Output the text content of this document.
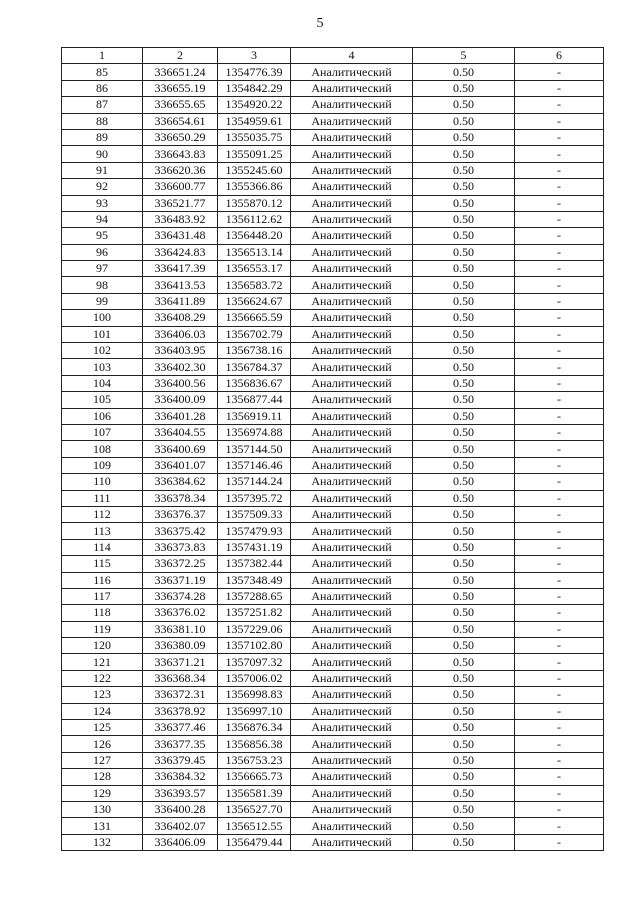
5
1	2	3	4	5	6
85	336651.24	1354776.39	Аналитический	0.50	-
86	336655.19	1354842.29	Аналитический	0.50	-
87	336655.65	1354920.22	Аналитический	0.50	-
88	336654.61	1354959.61	Аналитический	0.50	-
89	336650.29	1355035.75	Аналитический	0.50	-
90	336643.83	1355091.25	Аналитический	0.50	-
91	336620.36	1355245.60	Аналитический	0.50	-
92	336600.77	1355366.86	Аналитический	0.50	-
93	336521.77	1355870.12	Аналитический	0.50	-
94	336483.92	1356112.62	Аналитический	0.50	-
95	336431.48	1356448.20	Аналитический	0.50	-
96	336424.83	1356513.14	Аналитический	0.50	-
97	336417.39	1356553.17	Аналитический	0.50	-
98	336413.53	1356583.72	Аналитический	0.50	-
99	336411.89	1356624.67	Аналитический	0.50	-
100	336408.29	1356665.59	Аналитический	0.50	-
101	336406.03	1356702.79	Аналитический	0.50	-
102	336403.95	1356738.16	Аналитический	0.50	-
103	336402.30	1356784.37	Аналитический	0.50	-
104	336400.56	1356836.67	Аналитический	0.50	-
105	336400.09	1356877.44	Аналитический	0.50	-
106	336401.28	1356919.11	Аналитический	0.50	-
107	336404.55	1356974.88	Аналитический	0.50	-
108	336400.69	1357144.50	Аналитический	0.50	-
109	336401.07	1357146.46	Аналитический	0.50	-
110	336384.62	1357144.24	Аналитический	0.50	-
111	336378.34	1357395.72	Аналитический	0.50	-
112	336376.37	1357509.33	Аналитический	0.50	-
113	336375.42	1357479.93	Аналитический	0.50	-
114	336373.83	1357431.19	Аналитический	0.50	-
115	336372.25	1357382.44	Аналитический	0.50	-
116	336371.19	1357348.49	Аналитический	0.50	-
117	336374.28	1357288.65	Аналитический	0.50	-
118	336376.02	1357251.82	Аналитический	0.50	-
119	336381.10	1357229.06	Аналитический	0.50	-
120	336380.09	1357102.80	Аналитический	0.50	-
121	336371.21	1357097.32	Аналитический	0.50	-
122	336368.34	1357006.02	Аналитический	0.50	-
123	336372.31	1356998.83	Аналитический	0.50	-
124	336378.92	1356997.10	Аналитический	0.50	-
125	336377.46	1356876.34	Аналитический	0.50	-
126	336377.35	1356856.38	Аналитический	0.50	-
127	336379.45	1356753.23	Аналитический	0.50	-
128	336384.32	1356665.73	Аналитический	0.50	-
129	336393.57	1356581.39	Аналитический	0.50	-
130	336400.28	1356527.70	Аналитический	0.50	-
131	336402.07	1356512.55	Аналитический	0.50	-
132	336406.09	1356479.44	Аналитический	0.50	-
